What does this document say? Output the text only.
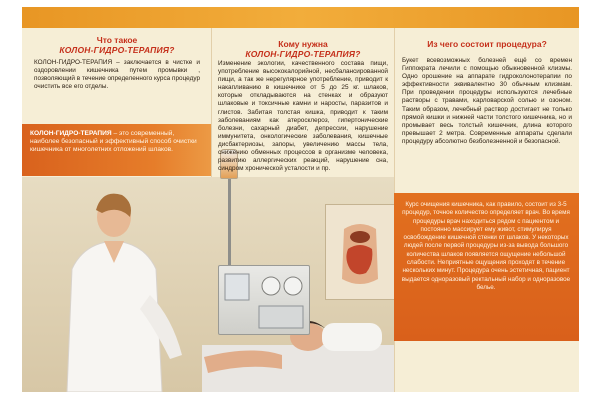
Что такое
КОЛОН-ГИДРО-ТЕРАПИЯ?
КОЛОН-ГИДРО-ТЕРАПИЯ – заключается в чистке и оздоровлении кишечника путем промывки , позволяющий в течение определенного курса процедур очистить все его отделы.
КОЛОН-ГИДРО-ТЕРАПИЯ – это современный, наиболее безопасный и эффективный способ очистки кишечника от многолетних отложений шлаков.
Кому нужна
КОЛОН-ГИДРО-ТЕРАПИЯ?
Изменение экологии, качественного состава пищи, употребление высококалорийной, несбалансированной пищи, а так же нерегулярное употребление, приводит к накапливанию в кишечнике от 5 до 25 кг. шлаков, которые откладываются на стенках и образуют шлаковые и токсичные камни и наросты, паразитов и глистов. Забитая толстая кишка, приводит к таким заболеваниям как атеросклероз, гипертонические болезни, сахарный диабет, депрессии, нарушение иммунитета, онкологические заболевания, кишечные дисбактериозы, запоры, увеличению массы тела, снижению обменных процессов в организме человека, развитию аллергических реакций, нарушение сна, синдром хронической усталости и пр.
Из чего состоит процедура?
Букет всевозможных болезней ещё со времен Гиппократа лечили с помощью обыкновенной клизмы. Одно орошение на аппарате гидроколонотерапии по эффективности эквивалентно 30 обычным клизмам. При проведении процедуры используются лечебные растворы с травами, карловарской солью и озоном. Таким образом, лечебный раствор достигает не только прямой кишки и нижней части толстого кишечника, но и промывает весь толстый кишечник, длина которого превышает 2 метра. Современные аппараты сделали процедуру абсолютно безболезненной и безопасной.
Курс очищения кишечника, как правило, состоит из 3-5 процедур, точное количество определяет врач. Во время процедуры врач находиться рядом с пациентом и постоянно массирует ему живот, стимулируя освобождение кишечной стенки от шлаков. У некоторых людей после первой процедуры из-за вывода большого количества шлаков появляется ощущение небольшой слабости. Неприятные ощущения проходят в течение нескольких минут. Процедура очень эстетичная, пациент выдается одноразовый ректальный набор и одноразовое белье.
